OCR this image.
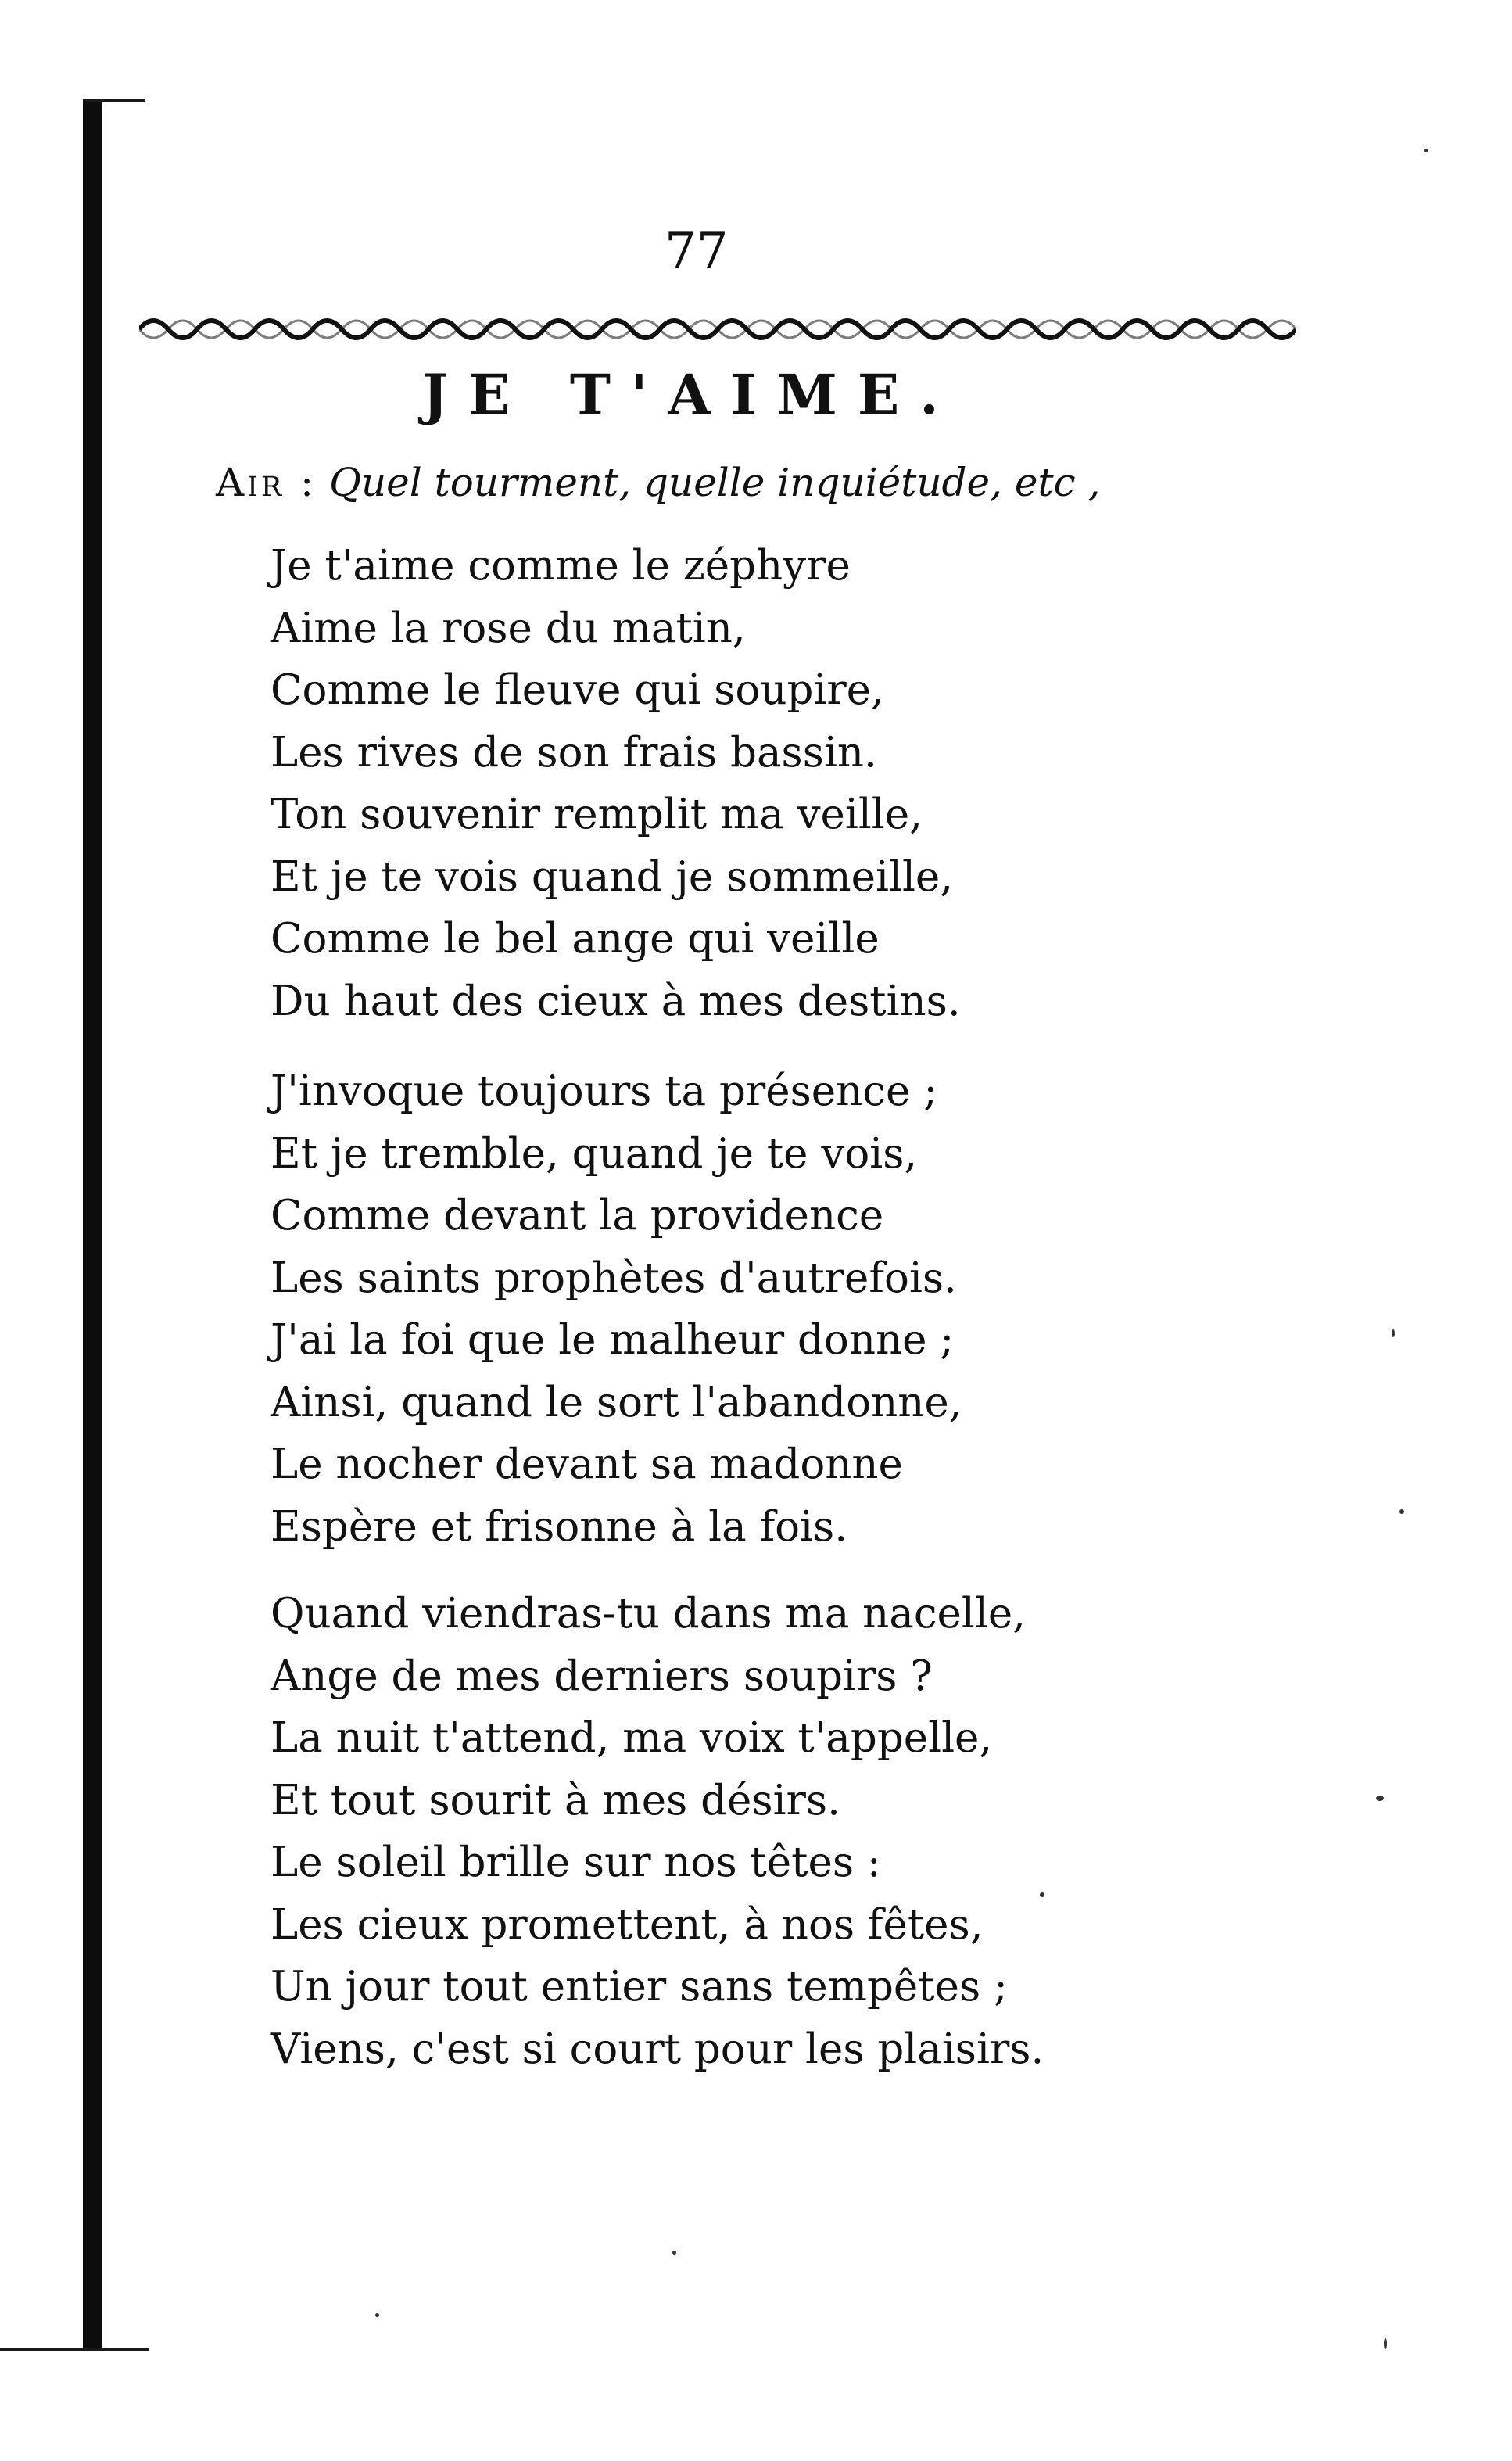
77
JE T'AIME.
Air : Quel tourment, quelle inquiétude, etc ,
Je t'aime comme le zéphyre
Aime la rose du matin,
Comme le fleuve qui soupire,
Les rives de son frais bassin.
Ton souvenir remplit ma veille,
Et je te vois quand je sommeille,
Comme le bel ange qui veille
Du haut des cieux à mes destins.
J'invoque toujours ta présence ;
Et je tremble, quand je te vois,
Comme devant la providence
Les saints prophètes d'autrefois.
J'ai la foi que le malheur donne ;
Ainsi, quand le sort l'abandonne,
Le nocher devant sa madonne
Espère et frisonne à la fois.
Quand viendras-tu dans ma nacelle,
Ange de mes derniers soupirs ?
La nuit t'attend, ma voix t'appelle,
Et tout sourit à mes désirs.
Le soleil brille sur nos têtes :
Les cieux promettent, à nos fêtes,
Un jour tout entier sans tempêtes ;
Viens, c'est si court pour les plaisirs.
